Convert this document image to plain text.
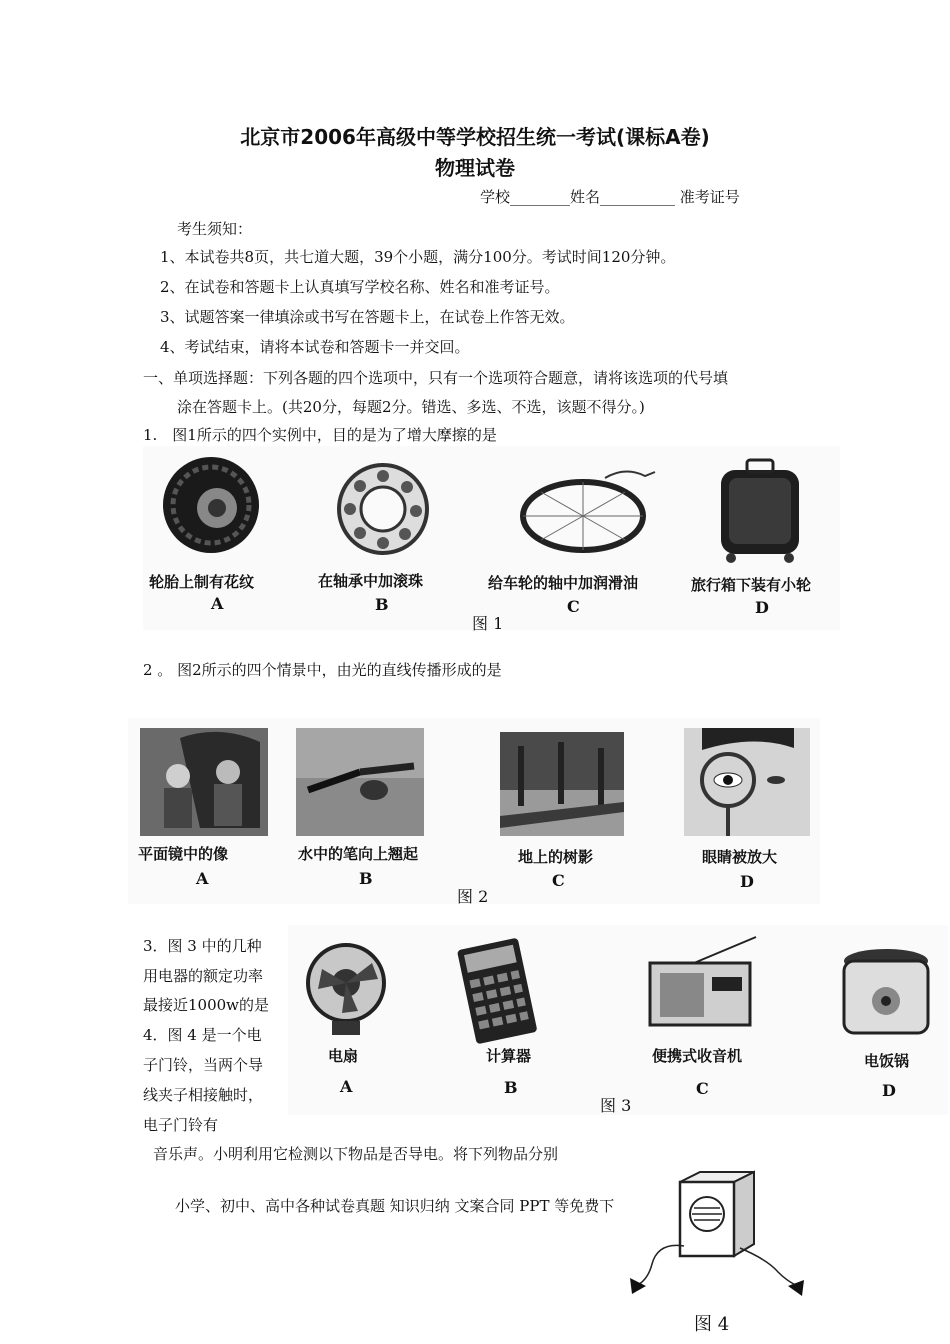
北京市2006年高级中等学校招生统一考试(课标A卷)
物理试卷
学校________姓名__________ 准考证号
考生须知：
1、本试卷共8页，共七道大题，39个小题，满分100分。考试时间120分钟。
2、在试卷和答题卡上认真填写学校名称、姓名和准考证号。
3、试题答案一律填涂或书写在答题卡上，在试卷上作答无效。
4、考试结束，请将本试卷和答题卡一并交回。
一、单项选择题：下列各题的四个选项中，只有一个选项符合题意，请将该选项的代号填
涂在答题卡上。(共20分，每题2分。错选、多选、不选，该题不得分。)
1.　图1所示的四个实例中，目的是为了增大摩擦的是
轮胎上制有花纹
A
在轴承中加滚珠
B
给车轮的轴中加润滑油
C
旅行箱下装有小轮
D
图 1
2 。 图2所示的四个情景中，由光的直线传播形成的是
平面镜中的像
A
水中的笔向上翘起
B
地上的树影
C
眼睛被放大
D
图 2
3．图 3 中的几种
用电器的额定功率
最接近1000w的是
4．图 4 是一个电
子门铃，当两个导
线夹子相接触时，
电子门铃有
音乐声。小明利用它检测以下物品是否导电。将下列物品分别
电扇
A
计算器
B
便携式收音机
C
电饭锅
D
图 3
小学、初中、高中各种试卷真题 知识归纳 文案合同 PPT 等免费下
图 4
